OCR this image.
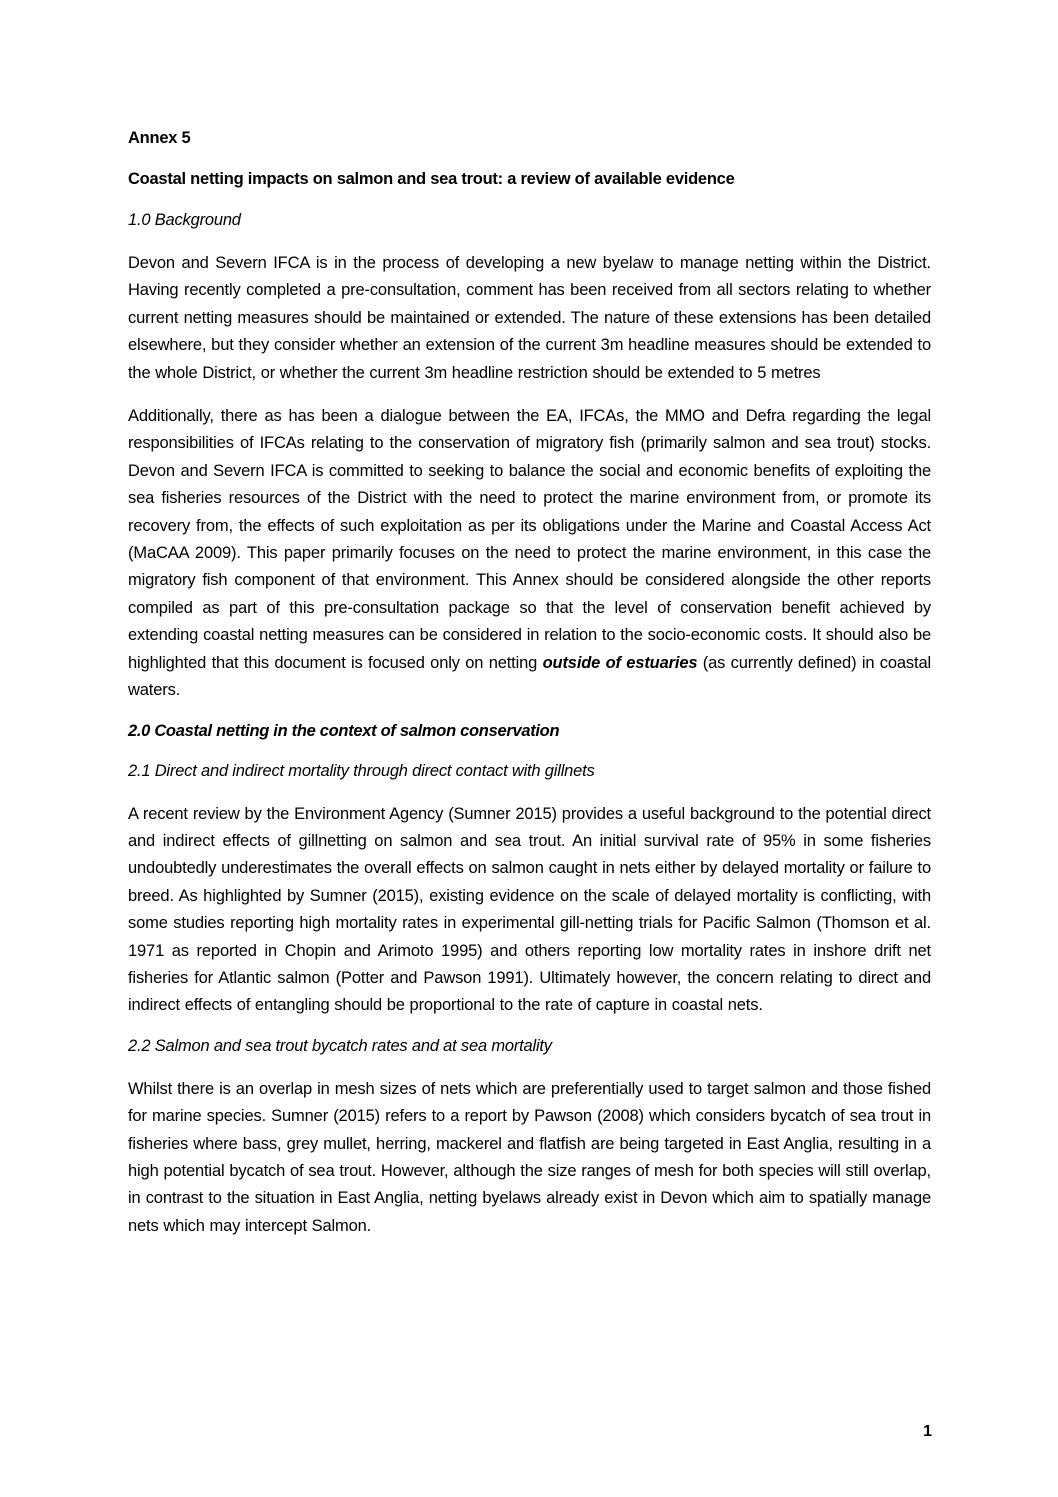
Annex 5

Coastal netting impacts on salmon and sea trout: a review of available evidence

1.0 Background

Devon and Severn IFCA is in the process of developing a new byelaw to manage netting within the District. Having recently completed a pre-consultation, comment has been received from all sectors relating to whether current netting measures should be maintained or extended. The nature of these extensions has been detailed elsewhere, but they consider whether an extension of the current 3m headline measures should be extended to the whole District, or whether the current 3m headline restriction should be extended to 5 metres

Additionally, there as has been a dialogue between the EA, IFCAs, the MMO and Defra regarding the legal responsibilities of IFCAs relating to the conservation of migratory fish (primarily salmon and sea trout) stocks. Devon and Severn IFCA is committed to seeking to balance the social and economic benefits of exploiting the sea fisheries resources of the District with the need to protect the marine environment from, or promote its recovery from, the effects of such exploitation as per its obligations under the Marine and Coastal Access Act (MaCAA 2009). This paper primarily focuses on the need to protect the marine environment, in this case the migratory fish component of that environment. This Annex should be considered alongside the other reports compiled as part of this pre-consultation package so that the level of conservation benefit achieved by extending coastal netting measures can be considered in relation to the socio-economic costs. It should also be highlighted that this document is focused only on netting outside of estuaries (as currently defined) in coastal waters.

2.0 Coastal netting in the context of salmon conservation

2.1 Direct and indirect mortality through direct contact with gillnets

A recent review by the Environment Agency (Sumner 2015) provides a useful background to the potential direct and indirect effects of gillnetting on salmon and sea trout. An initial survival rate of 95% in some fisheries undoubtedly underestimates the overall effects on salmon caught in nets either by delayed mortality or failure to breed. As highlighted by Sumner (2015), existing evidence on the scale of delayed mortality is conflicting, with some studies reporting high mortality rates in experimental gill-netting trials for Pacific Salmon (Thomson et al. 1971 as reported in Chopin and Arimoto 1995) and others reporting low mortality rates in inshore drift net fisheries for Atlantic salmon (Potter and Pawson 1991). Ultimately however, the concern relating to direct and indirect effects of entangling should be proportional to the rate of capture in coastal nets.

2.2 Salmon and sea trout bycatch rates and at sea mortality

Whilst there is an overlap in mesh sizes of nets which are preferentially used to target salmon and those fished for marine species. Sumner (2015) refers to a report by Pawson (2008) which considers bycatch of sea trout in fisheries where bass, grey mullet, herring, mackerel and flatfish are being targeted in East Anglia, resulting in a high potential bycatch of sea trout. However, although the size ranges of mesh for both species will still overlap, in contrast to the situation in East Anglia, netting byelaws already exist in Devon which aim to spatially manage nets which may intercept Salmon.

1
